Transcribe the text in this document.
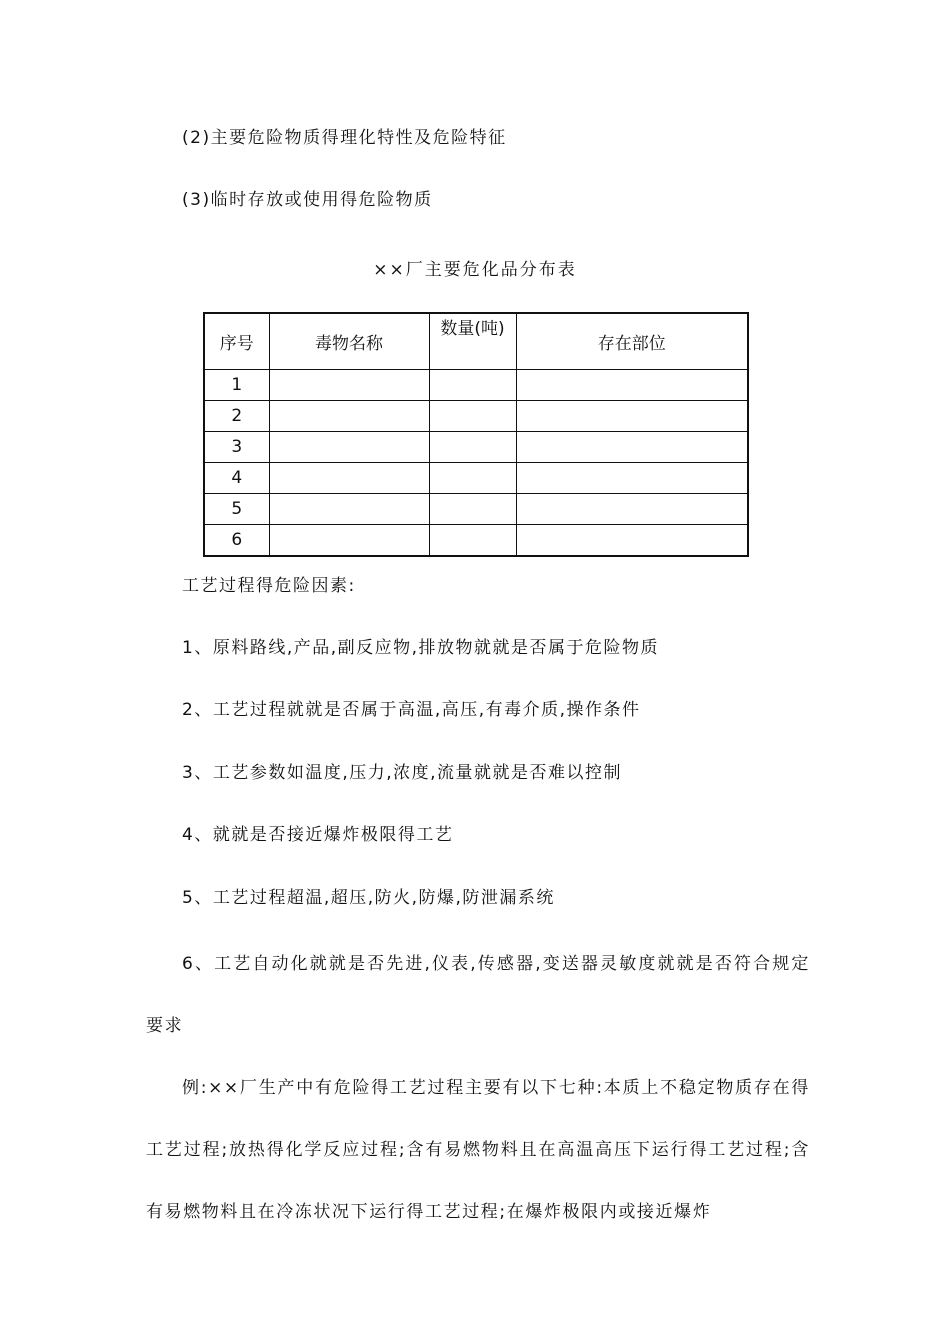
(2)主要危险物质得理化特性及危险特征
(3)临时存放或使用得危险物质
××厂主要危化品分布表
序号	毒物名称	数量(吨)	存在部位
1			
2			
3			
4			
5			
6			
工艺过程得危险因素:
1、原料路线,产品,副反应物,排放物就就是否属于危险物质
2、工艺过程就就是否属于高温,高压,有毒介质,操作条件
3、工艺参数如温度,压力,浓度,流量就就是否难以控制
4、就就是否接近爆炸极限得工艺
5、工艺过程超温,超压,防火,防爆,防泄漏系统
6、工艺自动化就就是否先进,仪表,传感器,变送器灵敏度就就是否符合规定要求
例:××厂生产中有危险得工艺过程主要有以下七种:本质上不稳定物质存在得工艺过程;放热得化学反应过程;含有易燃物料且在高温高压下运行得工艺过程;含有易燃物料且在冷冻状况下运行得工艺过程;在爆炸极限内或接近爆炸
